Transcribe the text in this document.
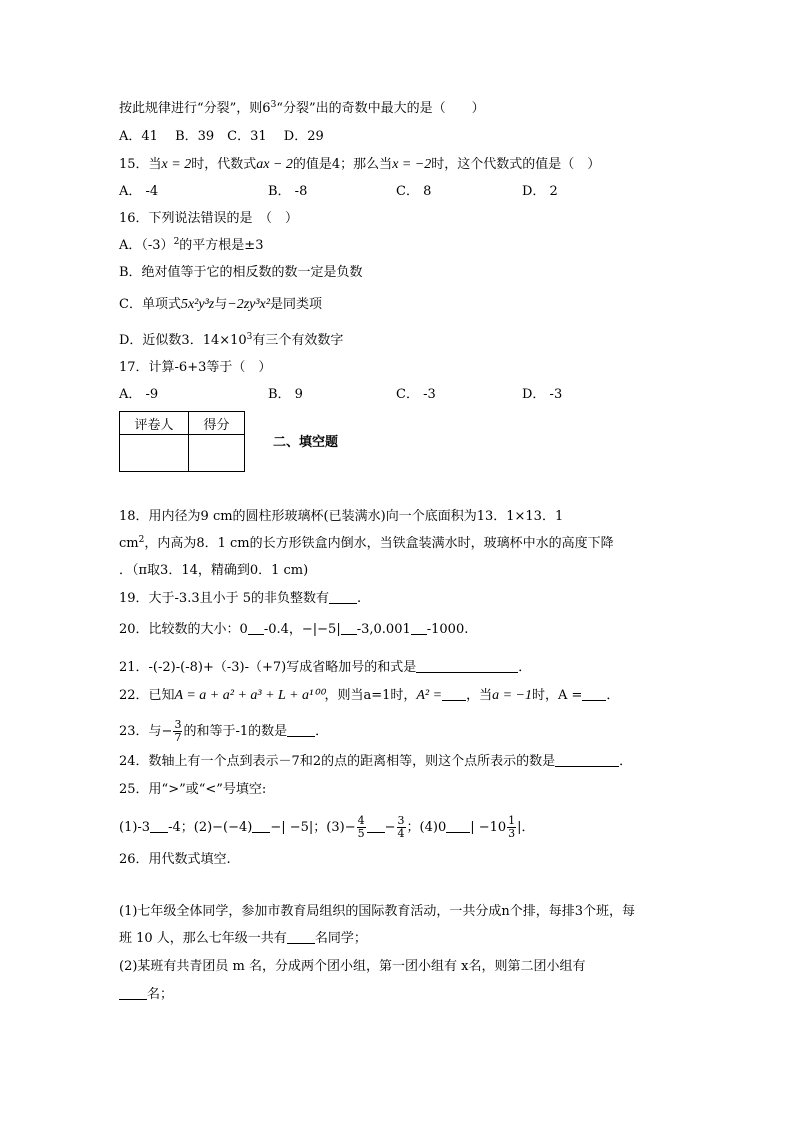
按此规律进行“分裂”，则$6^3“$分裂”出的奇数中最大的是（　　）
A．41　 B．39　C．31　 D．29
15．当x = 2时，代数式ax − 2的值是4；那么当x = −2时，这个代数式的值是（　）
A． -4	B． -8	C． 8	D． 2
16．下列说法错误的是　（　）
A．$(-3)^2$的平方根是±3
B．绝对值等于它的相反数的数一定是负数
C．单项式5x²y³z与−2zy³x²是同类项
D．近似数3．$14\times 10^3$有三个有效数字
17．计算-6+3等于（　）
A． -9	B． 9	C． -3	D． -3
评卷人	得分

二、填空题
18．用内径为9 cm的圆柱形玻璃杯(已装满水)向一个底面积为13．1×13．1
$cm^2$，内高为8．1 cm的长方形铁盒内倒水，当铁盒装满水时，玻璃杯中水的高度下降
．（π取3．14，精确到0．1 cm)
19．大于-3.3且小于 5的非负整数有 .
20．比较数的大小：0 -0.4，−|−5| -3,0.001 -1000.
21．-(-2)-(-8)+（-3)-（+7)写成省略加号的和式是	．
22．已知A = a + a² + a³ + L + a¹⁰⁰，则当a=1时，A² = ，当a = −1时，A = ．
23．与− $\frac{3}{7}$ 的和等于-1的数是 ．
24．数轴上有一个点到表示－7和2的点的距离相等，则这个点所表示的数是	．
25．用“>”或“<”号填空:
(1)-3 -4；(2)−(−4) −| −5|；$(3)- \frac{4}{5} - \frac{3}{4}$ ；(4)0 | $-10 \frac{1}{3}$ |．
26．用代数式填空.
(1)七年级全体同学，参加市教育局组织的国际教育活动，一共分成n个排，每排3个班，每
班 10 人，那么七年级一共有 名同学；
(2)某班有共青团员 m 名，分成两个团小组，第一团小组有 x名，则第二团小组有
名；
